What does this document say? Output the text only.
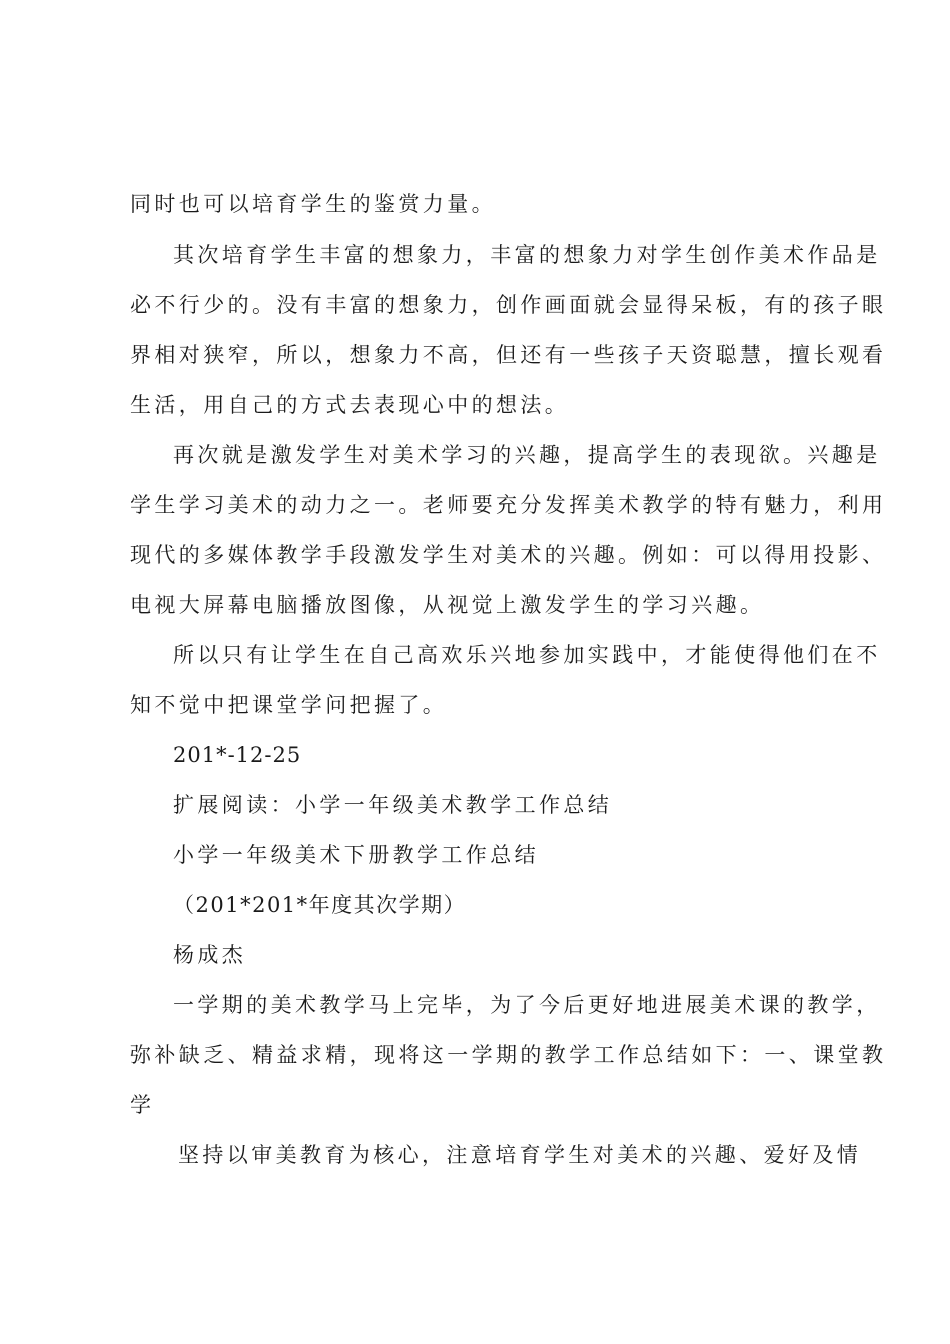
同时也可以培育学生的鉴赏力量。
其次培育学生丰富的想象力，丰富的想象力对学生创作美术作品是
必不行少的。没有丰富的想象力，创作画面就会显得呆板，有的孩子眼
界相对狭窄，所以，想象力不高，但还有一些孩子天资聪慧，擅长观看
生活，用自己的方式去表现心中的想法。
再次就是激发学生对美术学习的兴趣，提高学生的表现欲。兴趣是
学生学习美术的动力之一。老师要充分发挥美术教学的特有魅力，利用
现代的多媒体教学手段激发学生对美术的兴趣。例如：可以得用投影、
电视大屏幕电脑播放图像，从视觉上激发学生的学习兴趣。
所以只有让学生在自己高欢乐兴地参加实践中，才能使得他们在不
知不觉中把课堂学问把握了。
201*-12-25
扩展阅读：小学一年级美术教学工作总结
小学一年级美术下册教学工作总结
（201*201*年度其次学期）
杨成杰
一学期的美术教学马上完毕，为了今后更好地进展美术课的教学，
弥补缺乏、精益求精，现将这一学期的教学工作总结如下：一、课堂教
学
坚持以审美教育为核心，注意培育学生对美术的兴趣、爱好及情
